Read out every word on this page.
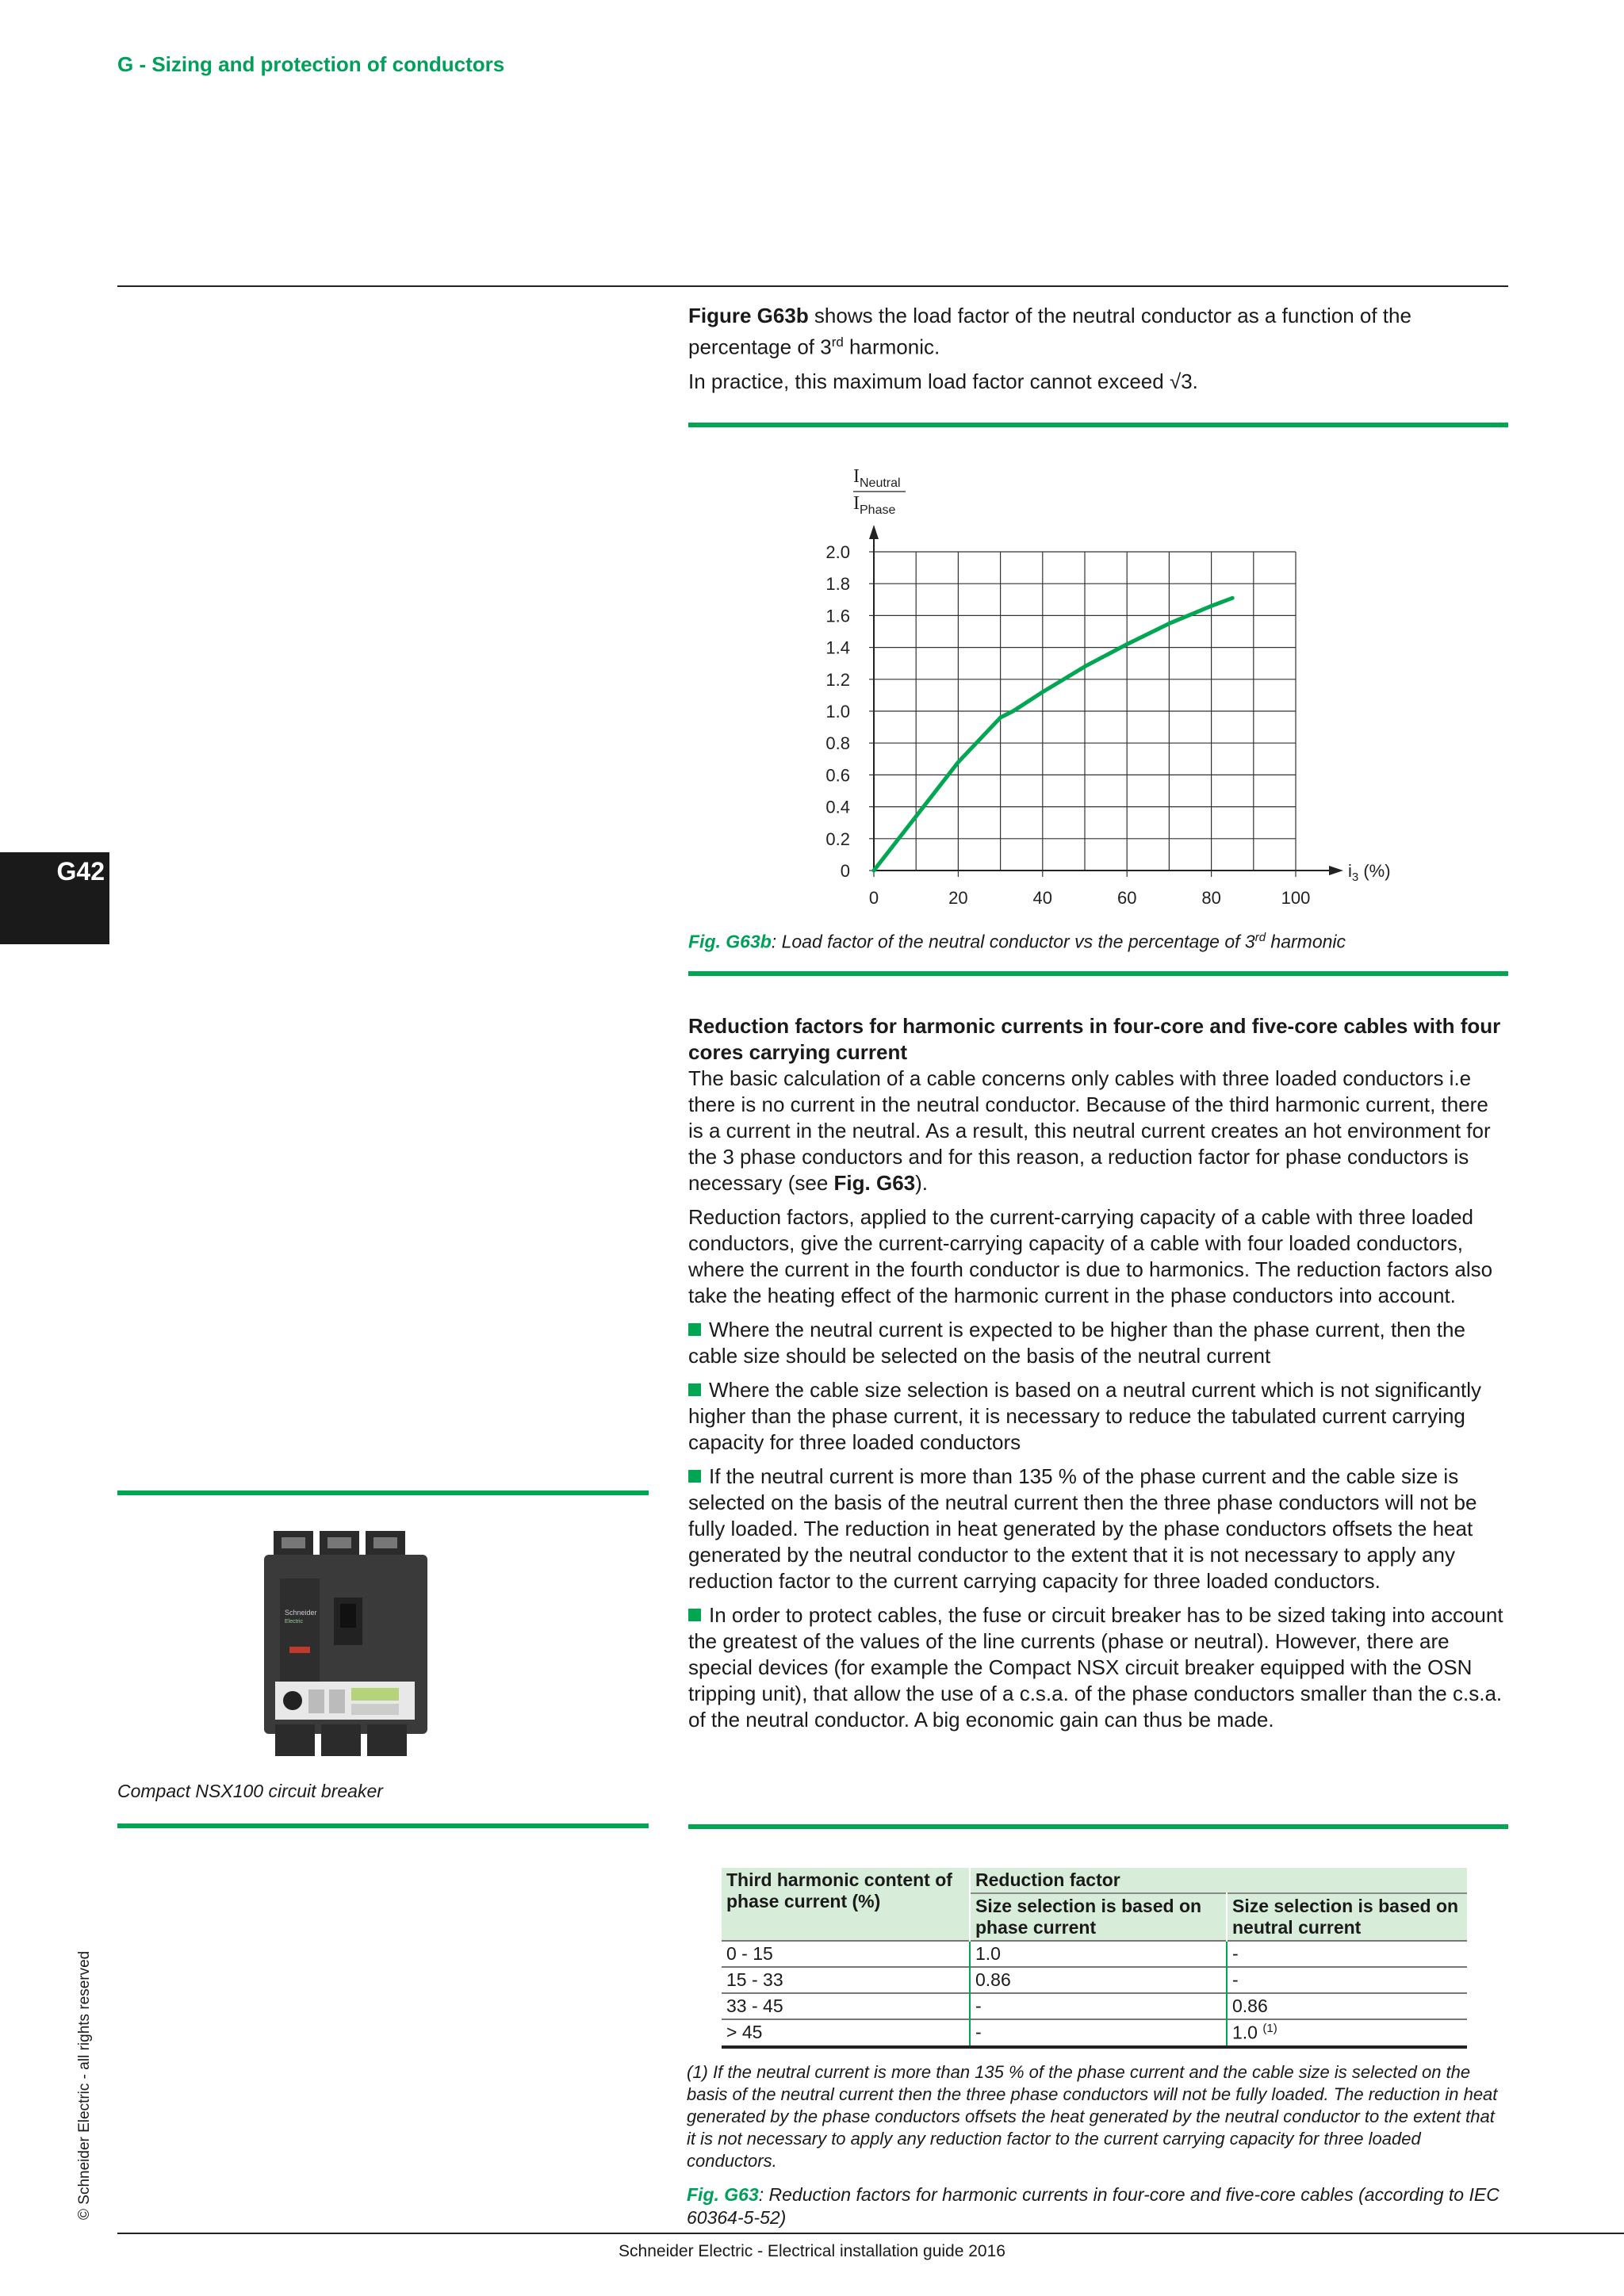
G - Sizing and protection of conductors
G42

Figure G63b shows the load factor of the neutral conductor as a function of the percentage of 3rd harmonic.

In practice, this maximum load factor cannot exceed √3.

0
0.2
0.4
0.6
0.8
1.0
1.2
1.4
1.6
1.8
2.0
0	20	40	60	80	100
$I_{Neutral}$
$I_{Phase}$
$i_3$ (%)
Fig. G63b: Load factor of the neutral conductor vs the percentage of 3rd harmonic
Reduction factors for harmonic currents in four-core and five-core cables with four cores carrying current

The basic calculation of a cable concerns only cables with three loaded conductors i.e there is no current in the neutral conductor. Because of the third harmonic current, there is a current in the neutral. As a result, this neutral current creates an hot environment for the 3 phase conductors and for this reason, a reduction factor for phase conductors is necessary (see Fig. G63).

Reduction factors, applied to the current-carrying capacity of a cable with three loaded conductors, give the current-carrying capacity of a cable with four loaded conductors, where the current in the fourth conductor is due to harmonics. The reduction factors also take the heating effect of the harmonic current in the phase conductors into account.

Where the neutral current is expected to be higher than the phase current, then the cable size should be selected on the basis of the neutral current

Where the cable size selection is based on a neutral current which is not significantly higher than the phase current, it is necessary to reduce the tabulated current carrying capacity for three loaded conductors

If the neutral current is more than 135 % of the phase current and the cable size is selected on the basis of the neutral current then the three phase conductors will not be fully loaded. The reduction in heat generated by the phase conductors offsets the heat generated by the neutral conductor to the extent that it is not necessary to apply any reduction factor to the current carrying capacity for three loaded conductors.

In order to protect cables, the fuse or circuit breaker has to be sized taking into account the greatest of the values of the line currents (phase or neutral). However, there are special devices (for example the Compact NSX circuit breaker equipped with the OSN tripping unit), that allow the use of a c.s.a. of the phase conductors smaller than the c.s.a. of the neutral conductor. A big economic gain can thus be made.

Schneider
Electric
Compact NSX100 circuit breaker
Third harmonic content of phase current (%)	Reduction factor	
	Size selection is based on phase current	Size selection is based on neutral current
0 - 15	1.0	-
15 - 33	0.86	-
33 - 45	-	0.86
> 45	-	1.0 $^{(1)}$
(1) If the neutral current is more than 135 % of the phase current and the cable size is selected on the basis of the neutral current then the three phase conductors will not be fully loaded. The reduction in heat generated by the phase conductors offsets the heat generated by the neutral conductor to the extent that it is not necessary to apply any reduction factor to the current carrying capacity for three loaded conductors.
Fig. G63: Reduction factors for harmonic currents in four-core and five-core cables (according to IEC 60364-5-52)
Schneider Electric - Electrical installation guide 2016
© Schneider Electric - all rights reserved
